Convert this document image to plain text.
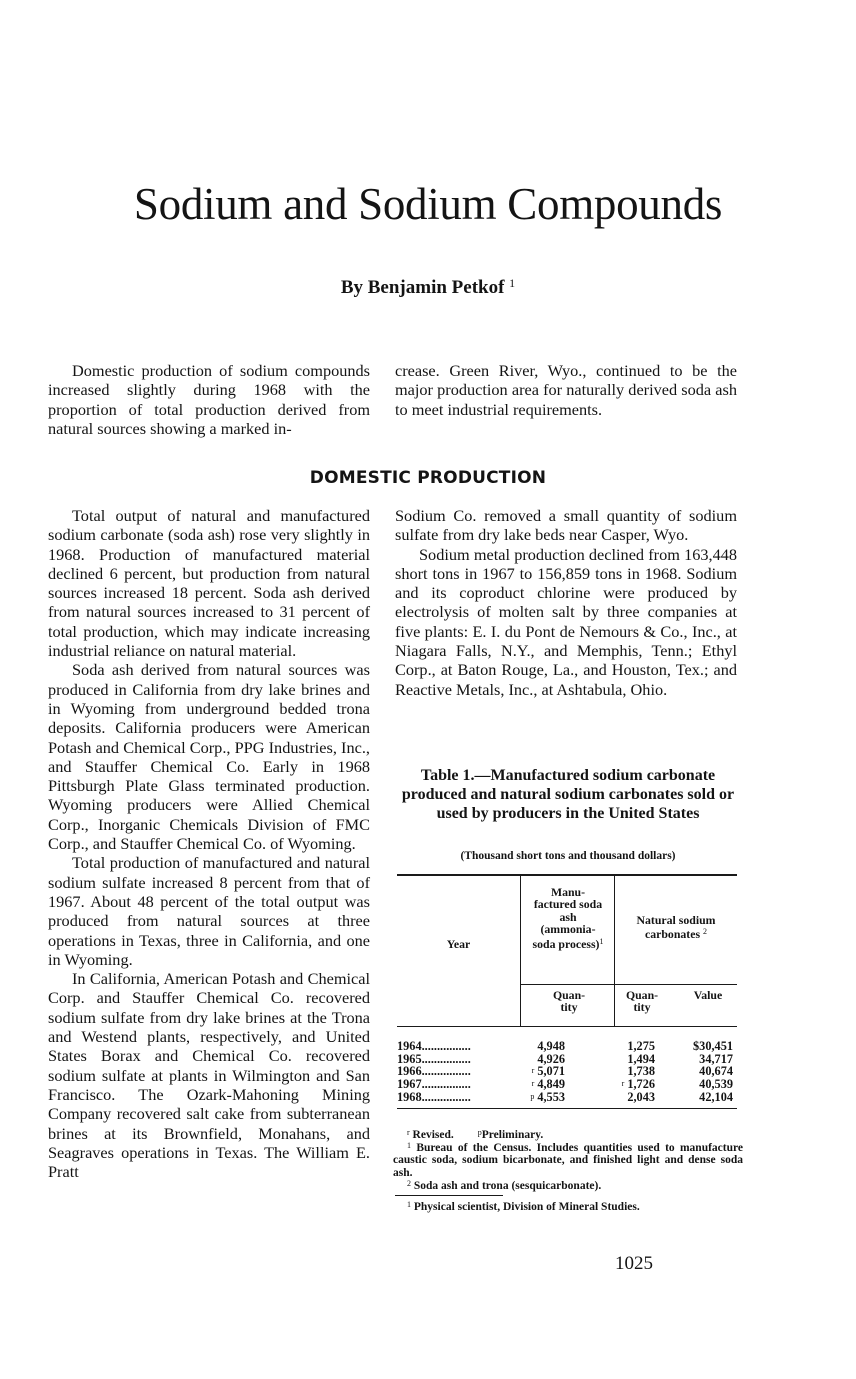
Sodium and Sodium Compounds
By Benjamin Petkof $^1$

Domestic production of sodium compounds increased slightly during 1968 with the proportion of total production derived from natural sources showing a marked in-

crease. Green River, Wyo., continued to be the major production area for naturally derived soda ash to meet industrial requirements.

DOMESTIC PRODUCTION

Total output of natural and manufactured sodium carbonate (soda ash) rose very slightly in 1968. Production of manufactured material declined 6 percent, but production from natural sources increased 18 percent. Soda ash derived from natural sources increased to 31 percent of total production, which may indicate increasing industrial reliance on natural material.

Soda ash derived from natural sources was produced in California from dry lake brines and in Wyoming from underground bedded trona deposits. California producers were American Potash and Chemical Corp., PPG Industries, Inc., and Stauffer Chemical Co. Early in 1968 Pittsburgh Plate Glass terminated production. Wyoming producers were Allied Chemical Corp., Inorganic Chemicals Division of FMC Corp., and Stauffer Chemical Co. of Wyoming.

Total production of manufactured and natural sodium sulfate increased 8 percent from that of 1967. About 48 percent of the total output was produced from natural sources at three operations in Texas, three in California, and one in Wyoming.

In California, American Potash and Chemical Corp. and Stauffer Chemical Co. recovered sodium sulfate from dry lake brines at the Trona and Westend plants, respectively, and United States Borax and Chemical Co. recovered sodium sulfate at plants in Wilmington and San Francisco. The Ozark-Mahoning Mining Company recovered salt cake from subterranean brines at its Brownfield, Monahans, and Seagraves operations in Texas. The William E. Pratt

Sodium Co. removed a small quantity of sodium sulfate from dry lake beds near Casper, Wyo.

Sodium metal production declined from 163,448 short tons in 1967 to 156,859 tons in 1968. Sodium and its coproduct chlorine were produced by electrolysis of molten salt by three companies at five plants: E. I. du Pont de Nemours & Co., Inc., at Niagara Falls, N.Y., and Memphis, Tenn.; Ethyl Corp., at Baton Rouge, La., and Houston, Tex.; and Reactive Metals, Inc., at Ashtabula, Ohio.

Table 1.—Manufactured sodium carbonate produced and natural sodium carbonates sold or used by producers in the United States
(Thousand short tons and thousand dollars)
Year
Manu- factured soda ash (ammonia- soda process)$^1$
Natural sodium carbonates $^2$
Quan- tity
Quan- tity
Value
1964................	4,948	1,275	$30,451
1965................	4,926	1,494	34,717
1966................	r 5,071	1,738	40,674
1967................	r 4,849	r 1,726	40,539
1968................	p 4,553	2,043	42,104
$^r$ Revised.	$^p$Preliminary.
$^1$ Bureau of the Census. Includes quantities used to manufacture caustic soda, sodium bicarbonate, and finished light and dense soda ash.
$^2$ Soda ash and trona (sesquicarbonate).
$^1$ Physical scientist, Division of Mineral Studies.
1025
